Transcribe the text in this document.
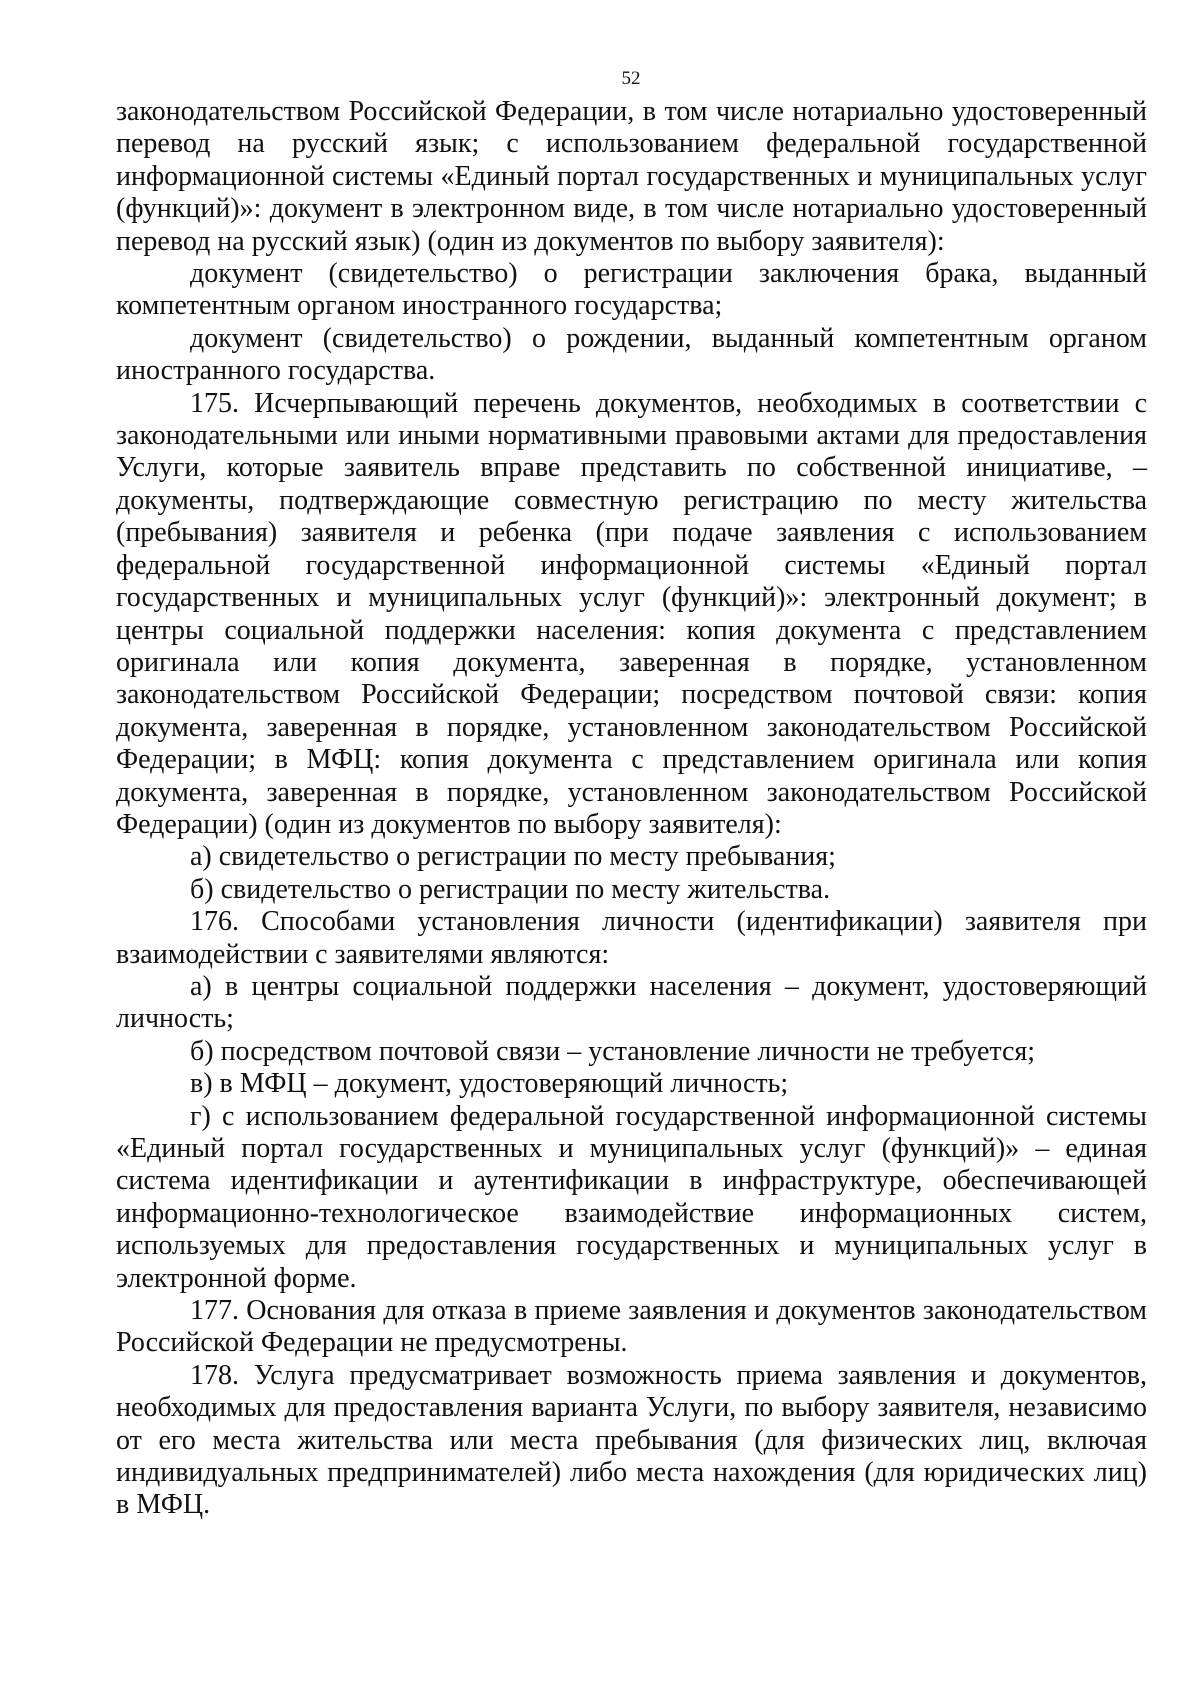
52

законодательством Российской Федерации, в том числе нотариально удостоверенный перевод на русский язык; с использованием федеральной государственной информационной системы «Единый портал государственных и муниципальных услуг (функций)»: документ в электронном виде, в том числе нотариально удостоверенный перевод на русский язык) (один из документов по выбору заявителя):

документ (свидетельство) о регистрации заключения брака, выданный компетентным органом иностранного государства;

документ (свидетельство) о рождении, выданный компетентным органом иностранного государства.

175. Исчерпывающий перечень документов, необходимых в соответствии с законодательными или иными нормативными правовыми актами для предоставления Услуги, которые заявитель вправе представить по собственной инициативе, – документы, подтверждающие совместную регистрацию по месту жительства (пребывания) заявителя и ребенка (при подаче заявления с использованием федеральной государственной информационной системы «Единый портал государственных и муниципальных услуг (функций)»: электронный документ; в центры социальной поддержки населения: копия документа с представлением оригинала или копия документа, заверенная в порядке, установленном законодательством Российской Федерации; посредством почтовой связи: копия документа, заверенная в порядке, установленном законодательством Российской Федерации; в МФЦ: копия документа с представлением оригинала или копия документа, заверенная в порядке, установленном законодательством Российской Федерации) (один из документов по выбору заявителя):

а) свидетельство о регистрации по месту пребывания;

б) свидетельство о регистрации по месту жительства.

176. Способами установления личности (идентификации) заявителя при взаимодействии с заявителями являются:

а) в центры социальной поддержки населения – документ, удостоверяющий личность;

б) посредством почтовой связи – установление личности не требуется;

в) в МФЦ – документ, удостоверяющий личность;

г) с использованием федеральной государственной информационной системы «Единый портал государственных и муниципальных услуг (функций)» – единая система идентификации и аутентификации в инфраструктуре, обеспечивающей информационно-технологическое взаимодействие информационных систем, используемых для предоставления государственных и муниципальных услуг в электронной форме.

177. Основания для отказа в приеме заявления и документов законодательством Российской Федерации не предусмотрены.

178. Услуга предусматривает возможность приема заявления и документов, необходимых для предоставления варианта Услуги, по выбору заявителя, независимо от его места жительства или места пребывания (для физических лиц, включая индивидуальных предпринимателей) либо места нахождения (для юридических лиц) в МФЦ.
